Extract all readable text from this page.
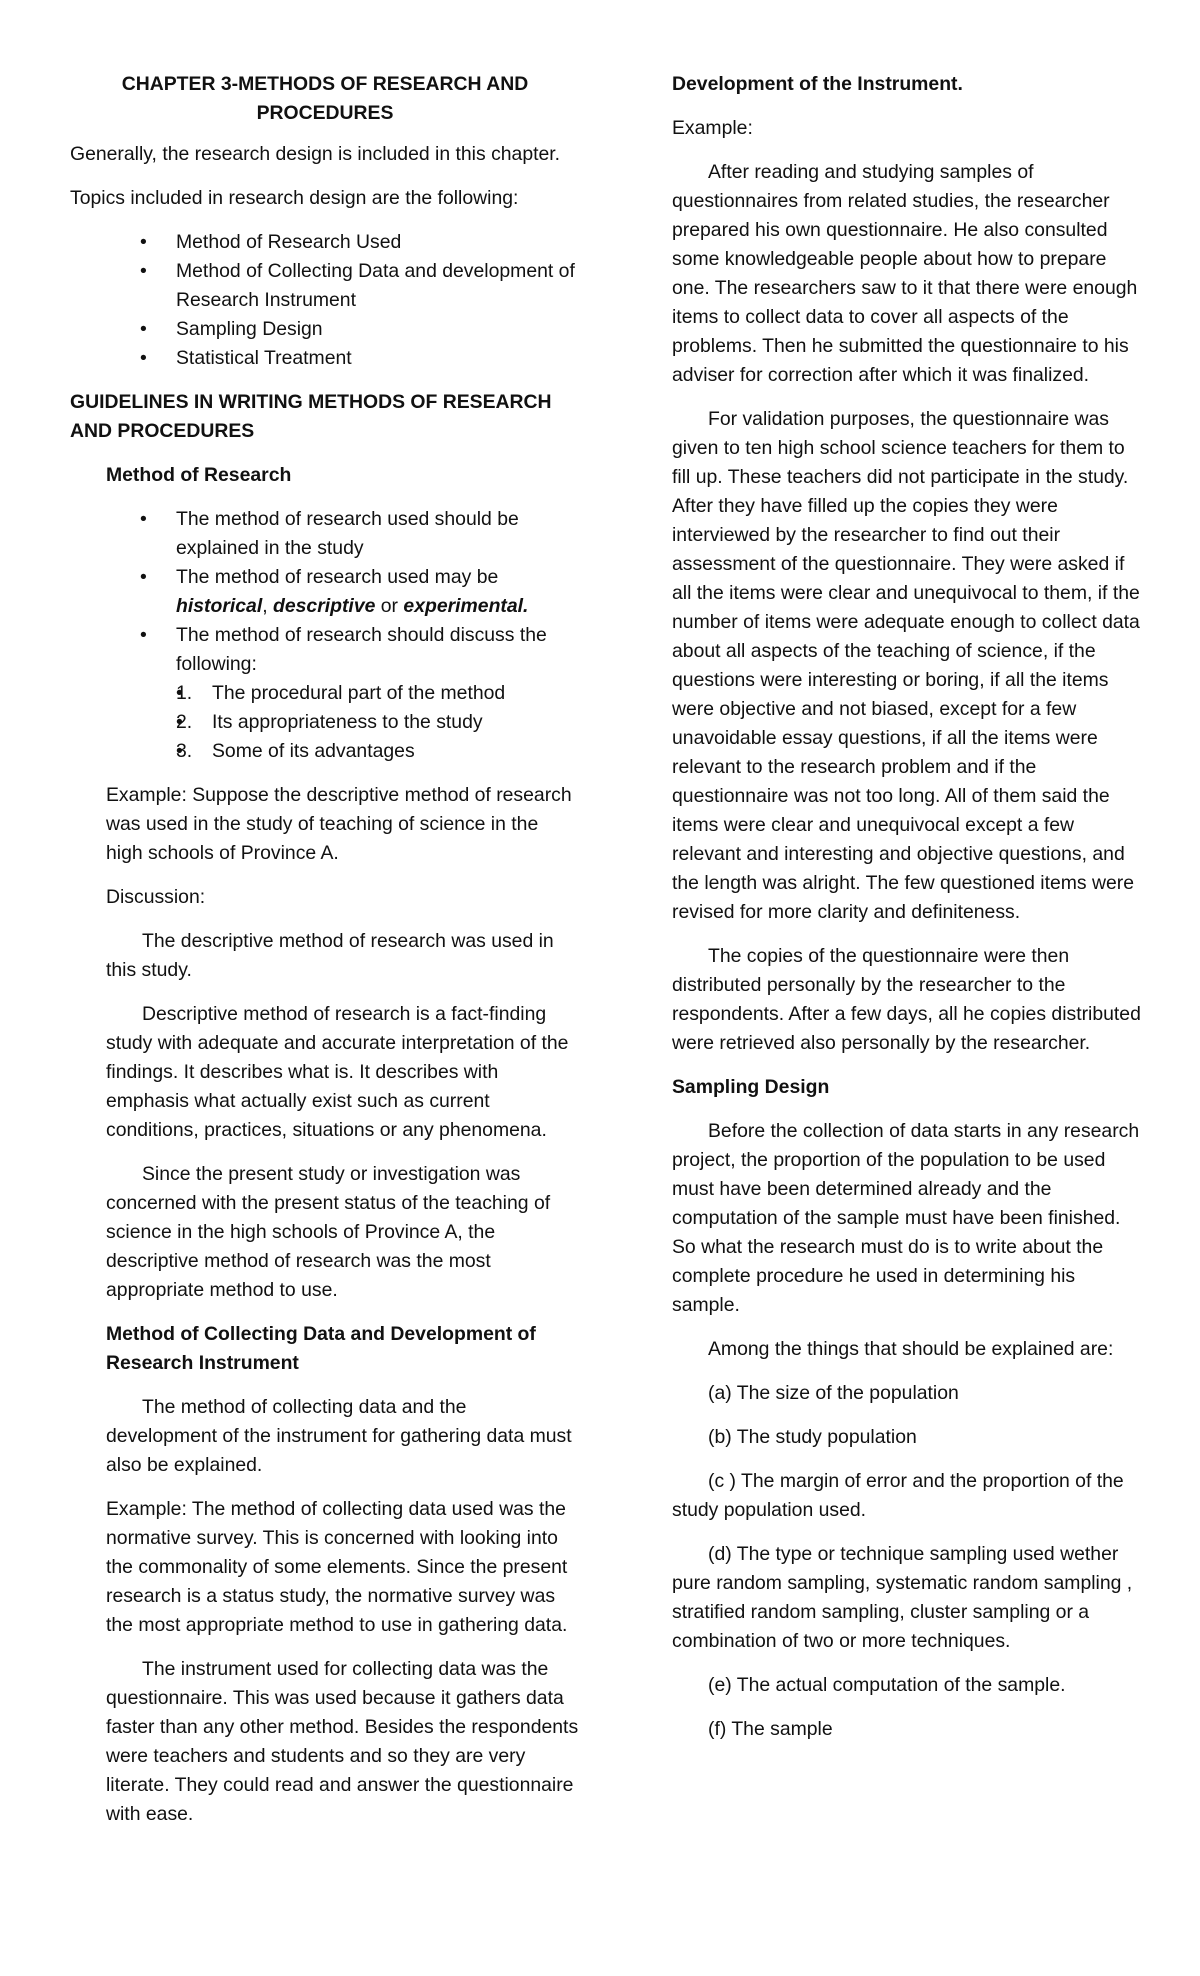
CHAPTER 3-METHODS OF RESEARCH AND PROCEDURES

Generally, the research design is included in this chapter.

Topics included in research design are the following:

• Method of Research Used
• Method of Collecting Data and development of Research Instrument
• Sampling Design
• Statistical Treatment

GUIDELINES IN WRITING METHODS OF RESEARCH AND PROCEDURES

Method of Research

• The method of research used should be explained in the study
• The method of research used may be historical, descriptive or experimental.
• The method of research should discuss the following:
• 1. The procedural part of the method
• 2. Its appropriateness to the study
• 3. Some of its advantages

Example: Suppose the descriptive method of research was used in the study of teaching of science in the high schools of Province A.

Discussion:

The descriptive method of research was used in this study.

Descriptive method of research is a fact-finding study with adequate and accurate interpretation of the findings. It describes what is. It describes with emphasis what actually exist such as current conditions, practices, situations or any phenomena.

Since the present study or investigation was concerned with the present status of the teaching of science in the high schools of Province A, the descriptive method of research was the most appropriate method to use.

Method of Collecting Data and Development of Research Instrument

The method of collecting data and the development of the instrument for gathering data must also be explained.

Example: The method of collecting data used was the normative survey. This is concerned with looking into the commonality of some elements. Since the present research is a status study, the normative survey was the most appropriate method to use in gathering data.

The instrument used for collecting data was the questionnaire. This was used because it gathers data faster than any other method. Besides the respondents were teachers and students and so they are very literate. They could read and answer the questionnaire with ease.

Development of the Instrument.

Example:

After reading and studying samples of questionnaires from related studies, the researcher prepared his own questionnaire. He also consulted some knowledgeable people about how to prepare one. The researchers saw to it that there were enough items to collect data to cover all aspects of the problems. Then he submitted the questionnaire to his adviser for correction after which it was finalized.

For validation purposes, the questionnaire was given to ten high school science teachers for them to fill up. These teachers did not participate in the study. After they have filled up the copies they were interviewed by the researcher to find out their assessment of the questionnaire. They were asked if all the items were clear and unequivocal to them, if the number of items were adequate enough to collect data about all aspects of the teaching of science, if the questions were interesting or boring, if all the items were objective and not biased, except for a few unavoidable essay questions, if all the items were relevant to the research problem and if the questionnaire was not too long. All of them said the items were clear and unequivocal except a few relevant and interesting and objective questions, and the length was alright. The few questioned items were revised for more clarity and definiteness.

The copies of the questionnaire were then distributed personally by the researcher to the respondents. After a few days, all he copies distributed were retrieved also personally by the researcher.

Sampling Design

Before the collection of data starts in any research project, the proportion of the population to be used must have been determined already and the computation of the sample must have been finished. So what the research must do is to write about the complete procedure he used in determining his sample.

Among the things that should be explained are:

(a) The size of the population

(b) The study population

(c ) The margin of error and the proportion of the study population used.

(d) The type or technique sampling used wether pure random sampling, systematic random sampling , stratified random sampling, cluster sampling or a combination of two or more techniques.

(e) The actual computation of the sample.

(f) The sample
